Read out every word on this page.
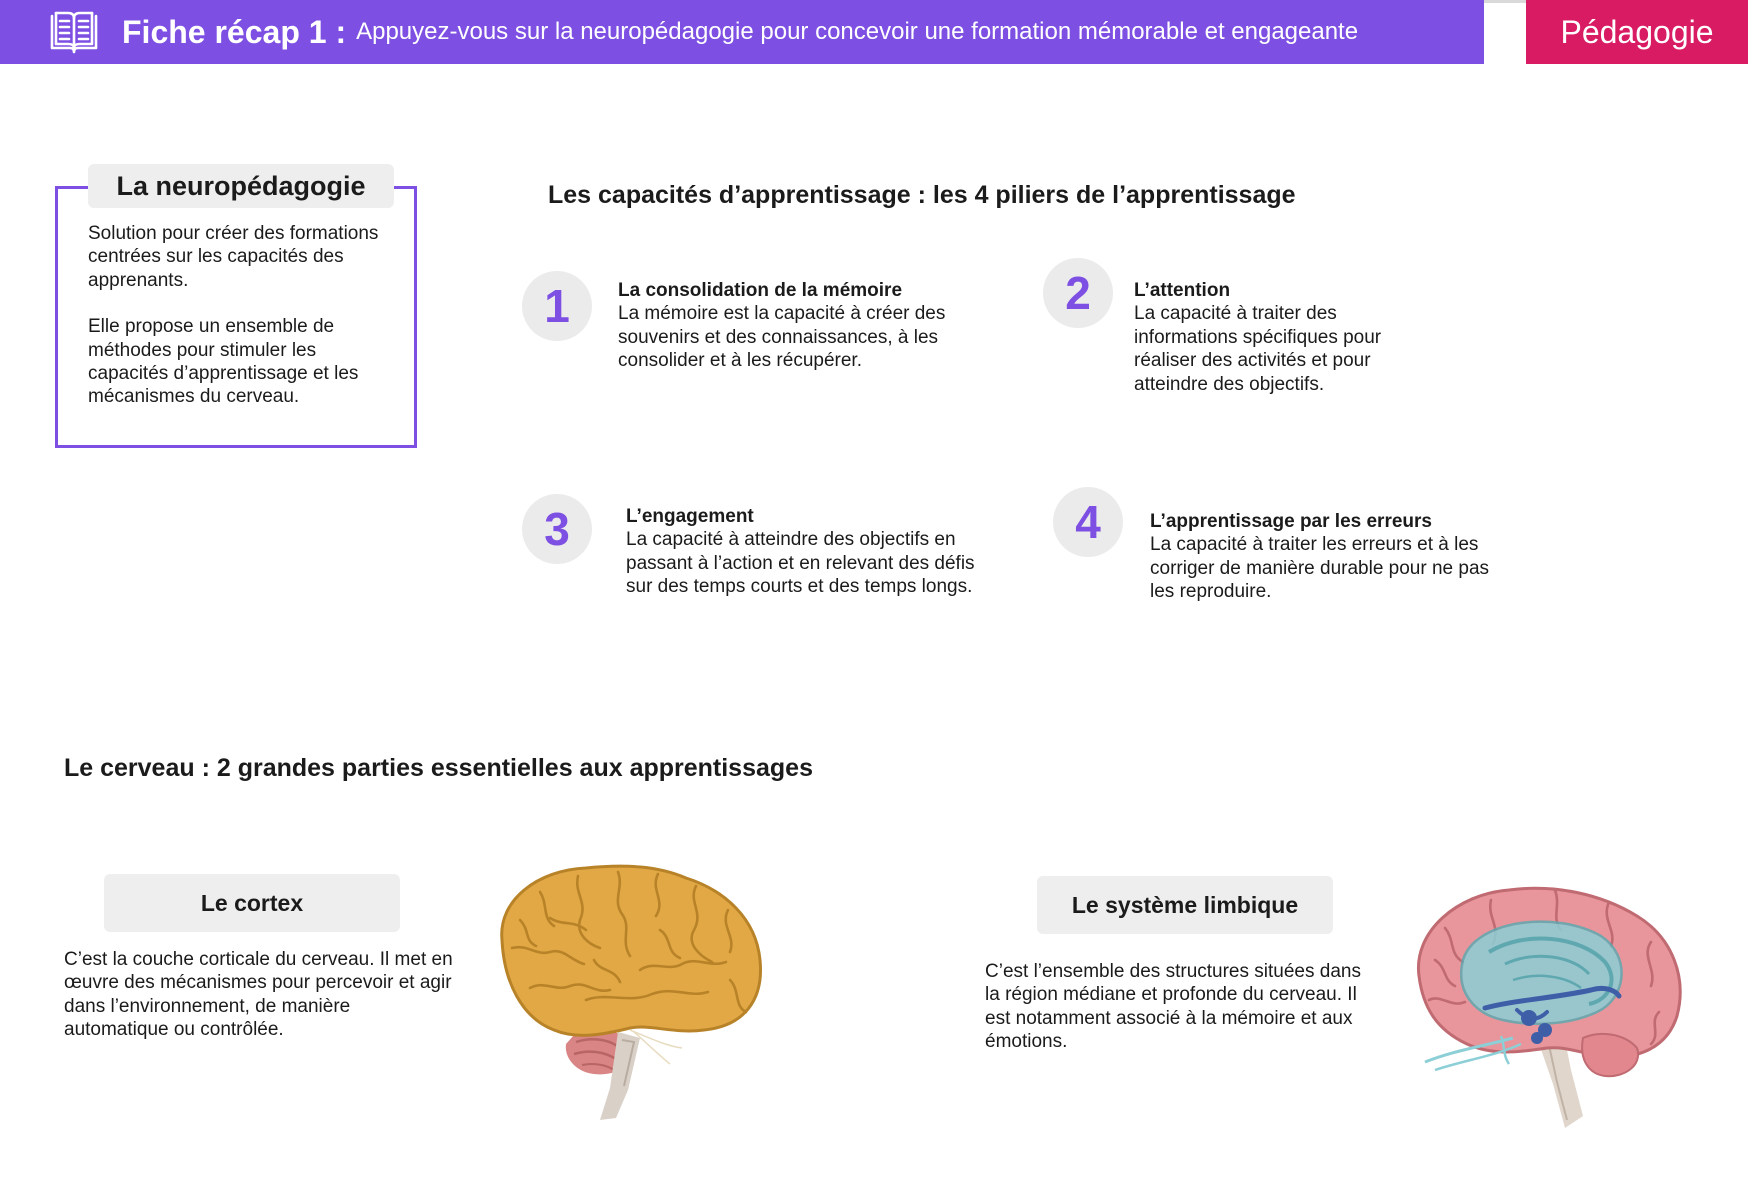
Fiche récap 1 : Appuyez-vous sur la neuropédagogie pour concevoir une formation mémorable et engageante	Pédagogie
La neuropédagogie

Solution pour créer des formations centrées sur les capacités des apprenants.

Elle propose un ensemble de méthodes pour stimuler les capacités d’apprentissage et les mécanismes du cerveau.

Les capacités d’apprentissage : les 4 piliers de l’apprentissage
1	La consolidation de la mémoire
La mémoire est la capacité à créer des souvenirs et des connaissances, à les consolider et à les récupérer.
2	L’attention
La capacité à traiter des informations spécifiques pour réaliser des activités et pour atteindre des objectifs.
3	L’engagement
La capacité à atteindre des objectifs en passant à l’action et en relevant des défis sur des temps courts et des temps longs.
4	L’apprentissage par les erreurs
La capacité à traiter les erreurs et à les corriger de manière durable pour ne pas les reproduire.
Le cerveau : 2 grandes parties essentielles aux apprentissages
Le cortex
C’est la couche corticale du cerveau. Il met en œuvre des mécanismes pour percevoir et agir dans l’environnement, de manière automatique ou contrôlée.
Le système limbique
C’est l’ensemble des structures situées dans la région médiane et profonde du cerveau. Il est notamment associé à la mémoire et aux émotions.
